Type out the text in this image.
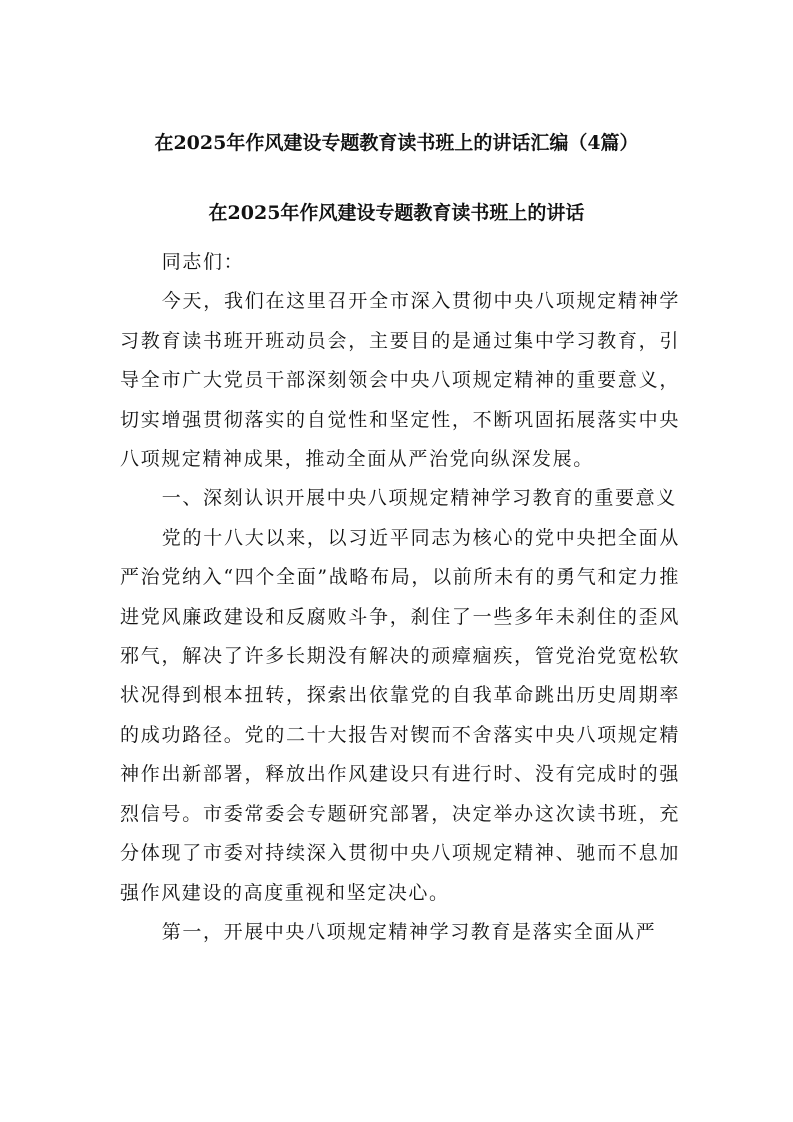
在2025年作风建设专题教育读书班上的讲话汇编（4篇）
在2025年作风建设专题教育读书班上的讲话

同志们：

今天，我们在这里召开全市深入贯彻中央八项规定精神学习教育读书班开班动员会，主要目的是通过集中学习教育，引导全市广大党员干部深刻领会中央八项规定精神的重要意义，切实增强贯彻落实的自觉性和坚定性，不断巩固拓展落实中央八项规定精神成果，推动全面从严治党向纵深发展。

一、深刻认识开展中央八项规定精神学习教育的重要意义

党的十八大以来，以习近平同志为核心的党中央把全面从严治党纳入“四个全面”战略布局，以前所未有的勇气和定力推进党风廉政建设和反腐败斗争，刹住了一些多年未刹住的歪风邪气，解决了许多长期没有解决的顽瘴痼疾，管党治党宽松软状况得到根本扭转，探索出依靠党的自我革命跳出历史周期率的成功路径。党的二十大报告对锲而不舍落实中央八项规定精神作出新部署，释放出作风建设只有进行时、没有完成时的强烈信号。市委常委会专题研究部署，决定举办这次读书班，充分体现了市委对持续深入贯彻中央八项规定精神、驰而不息加强作风建设的高度重视和坚定决心。

第一，开展中央八项规定精神学习教育是落实全面从严
